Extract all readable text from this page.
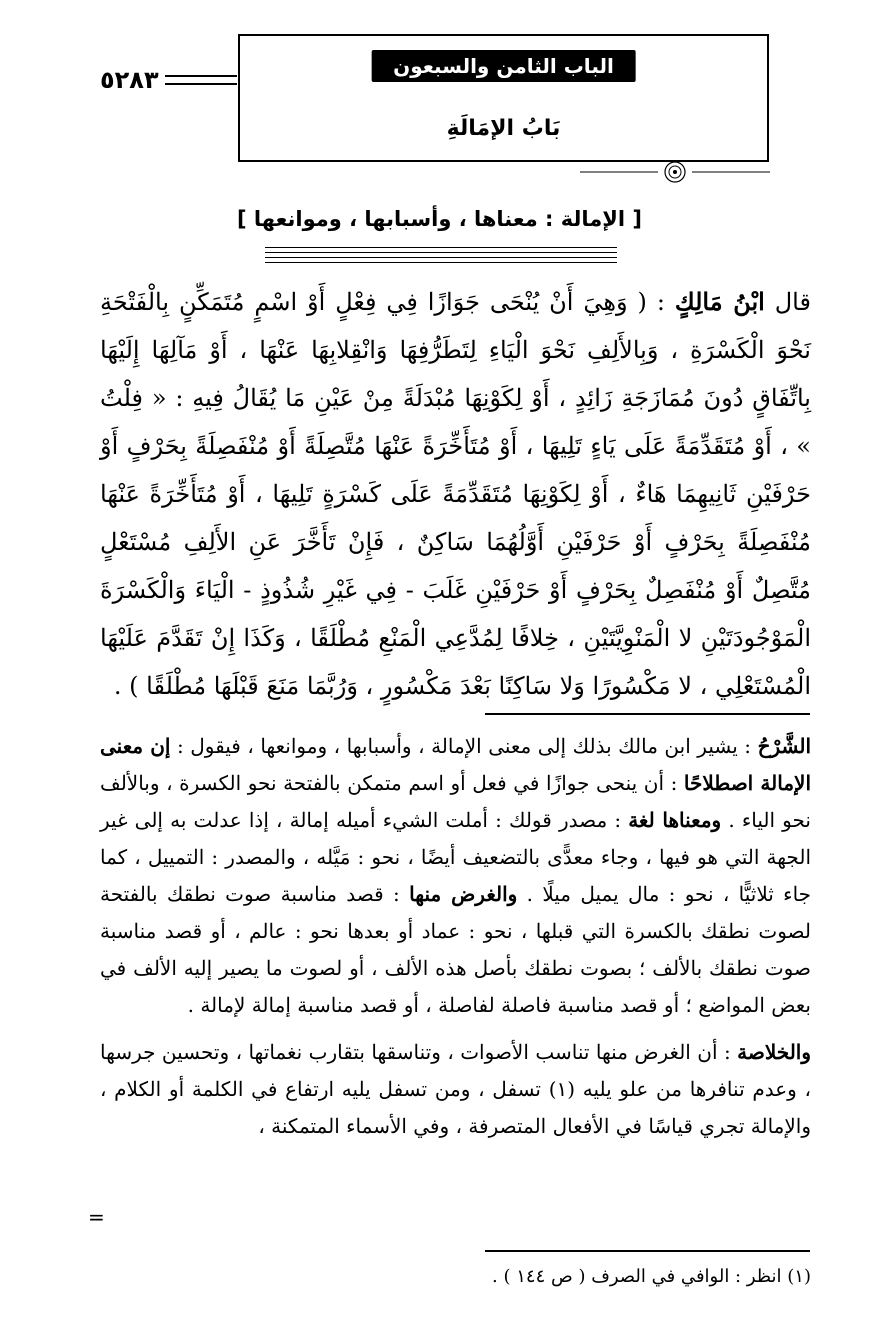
٥٢٨٣	الباب الثامن والسبعون
بَابُ الإمَالَةِ
[ الإمالة : معناها ، وأسبابها ، وموانعها ]
قال ابْنُ مَالِكٍ : ( وَهِيَ أَنْ يُنْحَى جَوَازًا فِي فِعْلٍ أَوْ اسْمٍ مُتَمَكِّنٍ بِالْفَتْحَةِ نَحْوَ الْكَسْرَةِ ، وَبِالأَلِفِ نَحْوَ الْيَاءِ لِتَطَرُّفِهَا وَانْقِلابِهَا عَنْهَا ، أَوْ مَآلِهَا إِلَيْهَا بِاتِّفَاقٍ دُونَ مُمَازَجَةِ زَائِدٍ ، أَوْ لِكَوْنِهَا مُبْدَلَةً مِنْ عَيْنِ مَا يُقَالُ فِيهِ : « فِلْتُ » ، أَوْ مُتَقَدِّمَةً عَلَى يَاءٍ تَلِيهَا ، أَوْ مُتَأَخِّرَةً عَنْهَا مُتَّصِلَةً أَوْ مُنْفَصِلَةً بِحَرْفٍ أَوْ حَرْفَيْنِ ثَانِيهِمَا هَاءٌ ، أَوْ لِكَوْنِهَا مُتَقَدِّمَةً عَلَى كَسْرَةٍ تَلِيهَا ، أَوْ مُتَأَخِّرَةً عَنْهَا مُنْفَصِلَةً بِحَرْفٍ أَوْ حَرْفَيْنِ أَوَّلُهُمَا سَاكِنٌ ، فَإِنْ تَأَخَّرَ عَنِ الأَلِفِ مُسْتَعْلٍ مُتَّصِلٌ أَوْ مُنْفَصِلٌ بِحَرْفٍ أَوْ حَرْفَيْنِ غَلَبَ - فِي غَيْرِ شُذُوذٍ - الْيَاءَ وَالْكَسْرَةَ الْمَوْجُودَتَيْنِ لا الْمَنْوِيَّتَيْنِ ، خِلافًا لِمُدَّعِي الْمَنْعِ مُطْلَقًا ، وَكَذَا إِنْ تَقَدَّمَ عَلَيْهَا الْمُسْتَعْلِي ، لا مَكْسُورًا وَلا سَاكِنًا بَعْدَ مَكْسُورٍ ، وَرُبَّمَا مَنَعَ قَبْلَهَا مُطْلَقًا ) .

الشَّرْحُ : يشير ابن مالك بذلك إلى معنى الإمالة ، وأسبابها ، وموانعها ، فيقول : إن معنى الإمالة اصطلاحًا : أن ينحى جوازًا في فعل أو اسم متمكن بالفتحة نحو الكسرة ، وبالألف نحو الياء . ومعناها لغة : مصدر قولك : أملت الشيء أميله إمالة ، إذا عدلت به إلى غير الجهة التي هو فيها ، وجاء معدًّى بالتضعيف أيضًا ، نحو : مَيَّله ، والمصدر : التمييل ، كما جاء ثلاثيًّا ، نحو : مال يميل ميلًا . والغرض منها : قصد مناسبة صوت نطقك بالفتحة لصوت نطقك بالكسرة التي قبلها ، نحو : عماد أو بعدها نحو : عالم ، أو قصد مناسبة صوت نطقك بالألف ؛ بصوت نطقك بأصل هذه الألف ، أو لصوت ما يصير إليه الألف في بعض المواضع ؛ أو قصد مناسبة فاصلة لفاصلة ، أو قصد مناسبة إمالة لإمالة .

والخلاصة : أن الغرض منها تناسب الأصوات ، وتناسقها بتقارب نغماتها ، وتحسين جرسها ، وعدم تنافرها من علو يليه (١) تسفل ، ومن تسفل يليه ارتفاع في الكلمة أو الكلام ، والإمالة تجري قياسًا في الأفعال المتصرفة ، وفي الأسماء المتمكنة ،

=
(١) انظر : الوافي في الصرف ( ص ١٤٤ ) .
